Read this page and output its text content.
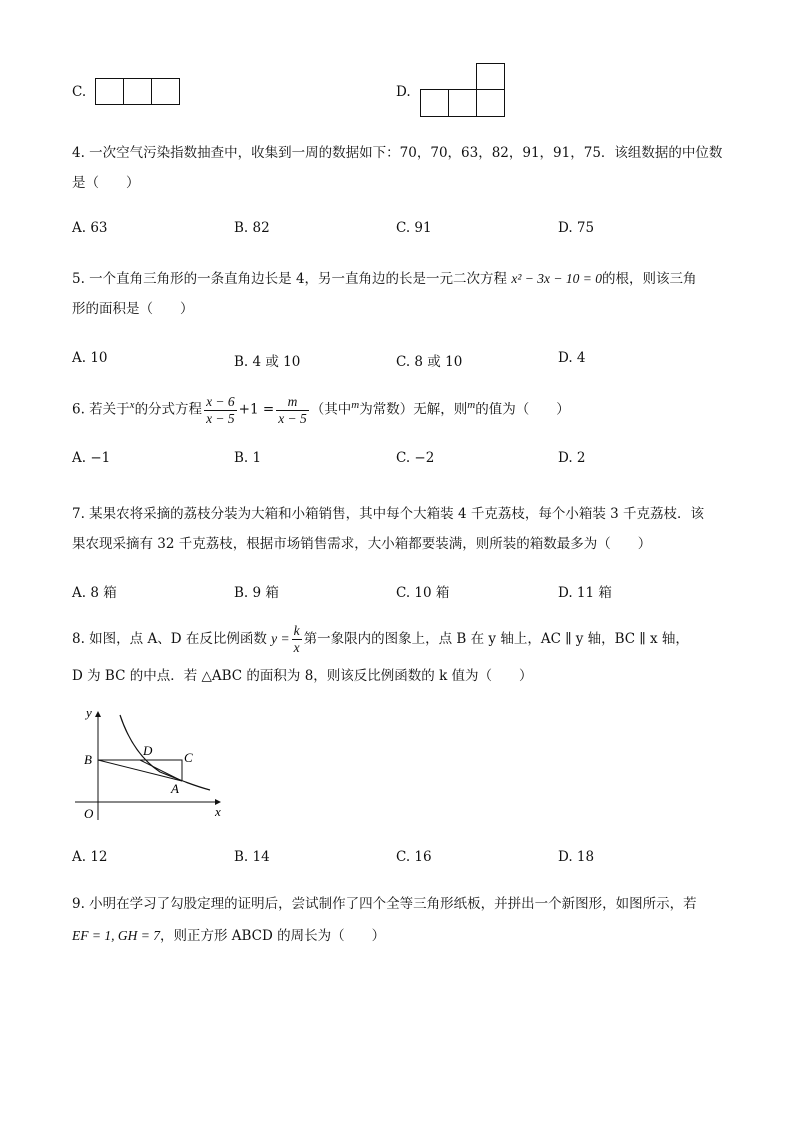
C.	D.
4. 一次空气污染指数抽查中，收集到一周的数据如下：70，70，63，82，91，91，75．该组数据的中位数
是（　　）
A. 63	B. 82	C. 91	D. 75
5. 一个直角三角形的一条直角边长是 4，另一直角边的长是一元二次方程 x² − 3x − 10 = 0的根，则该三角
形的面积是（　　）
A. 10	B. 4 或 10	C. 8 或 10	D. 4
6. 若关于$^x$的分式方程 $\frac{x - 6}{x - 5} +1 = \frac{m}{x - 5}$ （其中$^m$为常数）无解，则$^m$的值为（　　）
A. −1	B. 1	C. −2	D. 2
7. 某果农将采摘的荔枝分装为大箱和小箱销售，其中每个大箱装 4 千克荔枝，每个小箱装 3 千克荔枝．该
果农现采摘有 32 千克荔枝，根据市场销售需求，大小箱都要装满，则所装的箱数最多为（　　）
A. 8 箱	B. 9 箱	C. 10 箱	D. 11 箱
8. 如图，点 A、D 在反比例函数 $y = \frac{k}{x}$ 第一象限内的图象上，点 B 在 y 轴上，AC ∥ y 轴，BC ∥ x 轴，
D 为 BC 的中点．若 △ABC 的面积为 8，则该反比例函数的 k 值为（　　）
y
x
O
B
D C
A
A. 12	B. 14	C. 16	D. 18
9. 小明在学习了勾股定理的证明后，尝试制作了四个全等三角形纸板，并拼出一个新图形，如图所示，若
EF = 1, GH = 7，则正方形 ABCD 的周长为（　　）
